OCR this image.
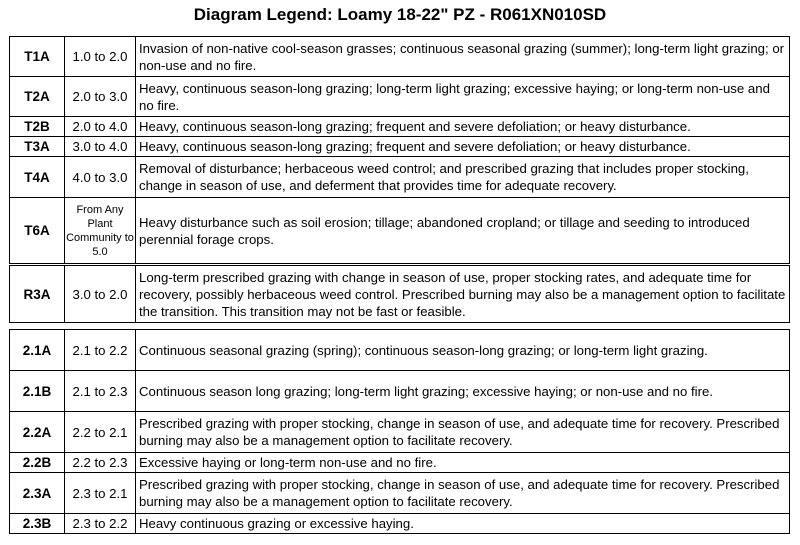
Diagram Legend: Loamy 18-22" PZ - R061XN010SD
T1A	1.0 to 2.0	Invasion of non-native cool-season grasses; continuous seasonal grazing (summer); long-term light grazing; or non-use and no fire.
T2A	2.0 to 3.0	Heavy, continuous season-long grazing; long-term light grazing; excessive haying; or long-term non-use and no fire.
T2B	2.0 to 4.0	Heavy, continuous season-long grazing; frequent and severe defoliation; or heavy disturbance.
T3A	3.0 to 4.0	Heavy, continuous season-long grazing; frequent and severe defoliation; or heavy disturbance.
T4A	4.0 to 3.0	Removal of disturbance; herbaceous weed control; and prescribed grazing that includes proper stocking, change in season of use, and deferment that provides time for adequate recovery.
T6A	From Any Plant Community to 5.0	Heavy disturbance such as soil erosion; tillage; abandoned cropland; or tillage and seeding to introduced perennial forage crops.
R3A	3.0 to 2.0	Long-term prescribed grazing with change in season of use, proper stocking rates, and adequate time for recovery, possibly herbaceous weed control. Prescribed burning may also be a management option to facilitate the transition. This transition may not be fast or feasible.
2.1A	2.1 to 2.2	Continuous seasonal grazing (spring); continuous season-long grazing; or long-term light grazing.
2.1B	2.1 to 2.3	Continuous season long grazing; long-term light grazing; excessive haying; or non-use and no fire.
2.2A	2.2 to 2.1	Prescribed grazing with proper stocking, change in season of use, and adequate time for recovery. Prescribed burning may also be a management option to facilitate recovery.
2.2B	2.2 to 2.3	Excessive haying or long-term non-use and no fire.
2.3A	2.3 to 2.1	Prescribed grazing with proper stocking, change in season of use, and adequate time for recovery. Prescribed burning may also be a management option to facilitate recovery.
2.3B	2.3 to 2.2	Heavy continuous grazing or excessive haying.
